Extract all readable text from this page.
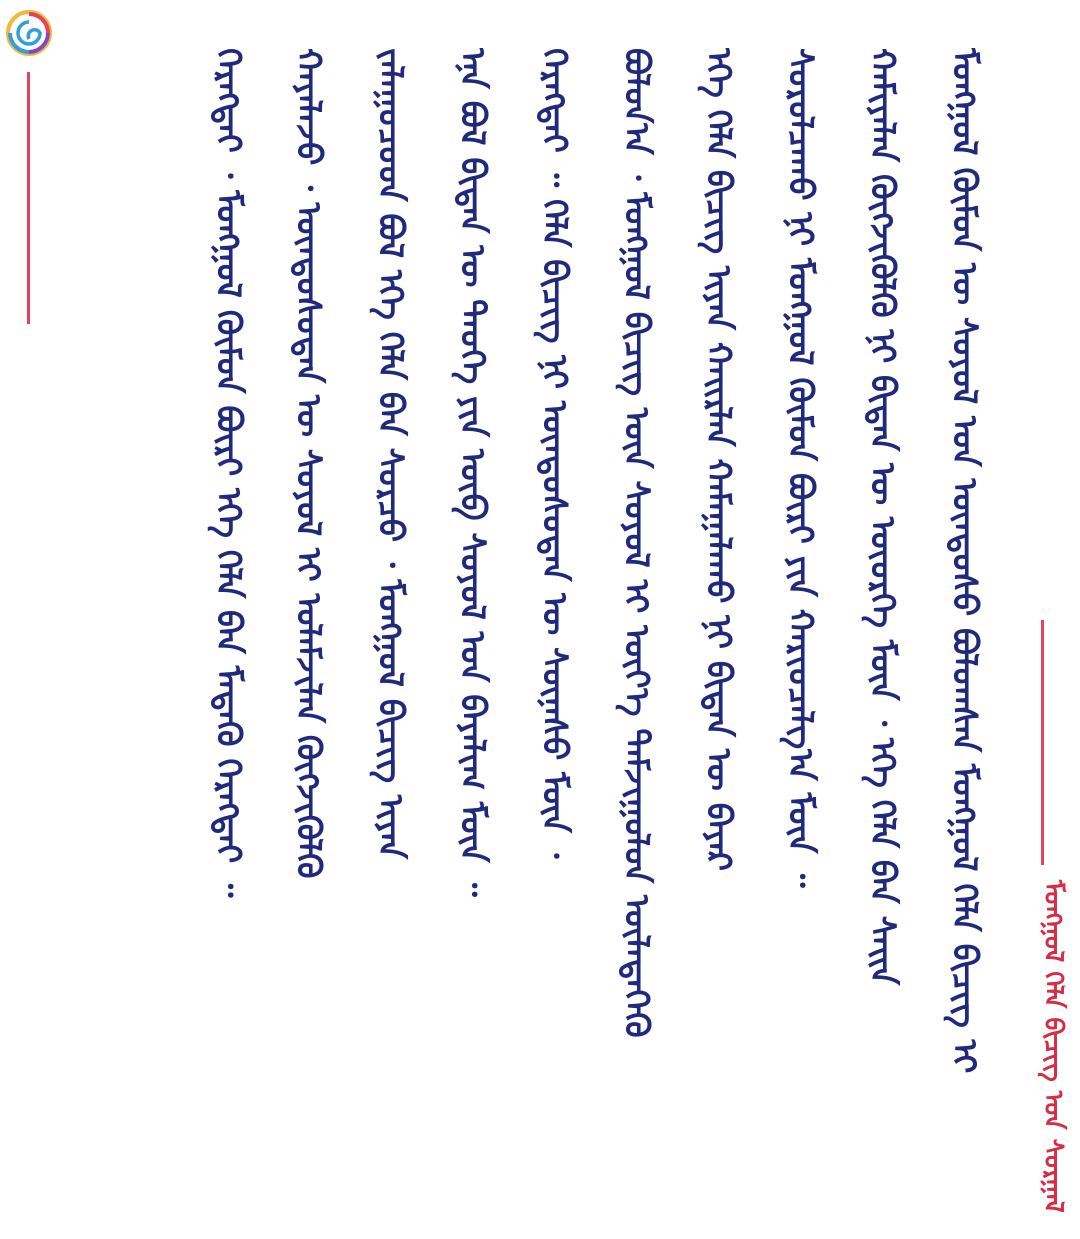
ᠮᠣᠩᠭᠣᠯ ᠬᠦᠮᠦᠨ ᠦ ᠰᠣᠶᠤᠯ ᠤᠨ ᠦᠨᠳᠦᠰᠦ ᠪᠣᠯᠤᠭᠰᠠᠨ ᠮᠣᠩᠭᠣᠯ ᠬᠡᠯᠡ ᠪᠢᠴᠢᠭ ᠢ
ᠬᠠᠮᠢᠶᠠᠯᠠᠨ ᠬᠥᠭᠵᠢᠭᠦᠯᠬᠦ ᠨᠢ ᠪᠢᠳᠡᠨ ᠦ ᠦᠦᠷᠭᠡ ᠮᠥᠨ ᠂ ᠡᠬᠡ ᠬᠡᠯᠡ ᠪᠡᠨ ᠰᠠᠢᠨ
ᠰᠤᠷᠤᠯᠴᠠᠬᠤ ᠨᠢ ᠮᠣᠩᠭᠣᠯ ᠬᠦᠮᠦᠨ ᠪᠦᠷᠢ ᠶᠢᠨ ᠬᠠᠷᠢᠤᠴᠠᠯᠭ᠎ᠠ ᠮᠥᠨ ᠃
ᠡᠬᠡ ᠬᠡᠯᠡ ᠪᠢᠴᠢᠭ ᠢᠶᠡᠨ ᠬᠠᠢᠷᠯᠠᠨ ᠬᠠᠮᠠᠭᠠᠯᠠᠬᠤ ᠨᠢ ᠪᠢᠳᠡᠨ ᠦ ᠪᠠᠶᠠᠷ
ᠪᠣᠯᠤᠨ᠎ᠠ ᠂ ᠮᠣᠩᠭᠣᠯ ᠪᠢᠴᠢᠭ ᠦᠨ ᠰᠣᠶᠤᠯ ᠢ ᠦᠶ᠎ᠡ ᠳᠠᠮᠵᠢᠭᠤᠯᠤᠨ ᠦᠯᠡᠳᠡᠭᠡᠬᠦ
ᠬᠡᠷᠡᠭᠲᠡᠢ ᠃ ᠬᠡᠯᠡ ᠪᠢᠴᠢᠭ ᠨᠢ ᠦᠨᠳᠦᠰᠦᠲᠡᠨ ᠦ ᠰᠦᠨᠡᠰᠦ ᠮᠥᠨ ᠂
ᠡᠨᠡ ᠪᠣᠯ ᠪᠢᠳᠡᠨ ᠦ ᠲᠡᠦᠬᠡ ᠶᠢᠨ ᠥᠪ ᠰᠣᠶᠤᠯ ᠤᠨ ᠪᠠᠶᠠᠯᠢᠭ ᠮᠥᠨ ᠃
ᠵᠠᠯᠠᠭᠤᠴᠤᠳ ᠪᠣᠯ ᠡᠬᠡ ᠬᠡᠯᠡ ᠪᠡᠨ ᠰᠤᠷᠴᠤ ᠂ ᠮᠣᠩᠭᠣᠯ ᠪᠢᠴᠢᠭ ᠢᠶᠡᠨ
ᠬᠠᠶᠠᠯᠠᠵᠤ ᠂ ᠦᠨᠳᠦᠰᠦᠲᠡᠨ ᠦ ᠰᠣᠶᠤᠯ ᠢ ᠤᠯᠠᠮᠵᠢᠯᠠᠨ ᠬᠥᠭᠵᠢᠭᠦᠯᠬᠦ
ᠬᠡᠷᠡᠭᠲᠡᠢ ᠂ ᠮᠣᠩᠭᠣᠯ ᠬᠦᠮᠦᠨ ᠪᠦᠷᠢ ᠡᠬᠡ ᠬᠡᠯᠡ ᠪᠡᠨ ᠮᠡᠳᠡᠬᠦ ᠬᠡᠷᠡᠭᠲᠡᠢ ᠃
ᠮᠣᠩᠭᠣᠯ ᠬᠡᠯᠡ ᠪᠢᠴᠢᠭ ᠤᠨ ᠰᠤᠷᠭᠠᠯ
